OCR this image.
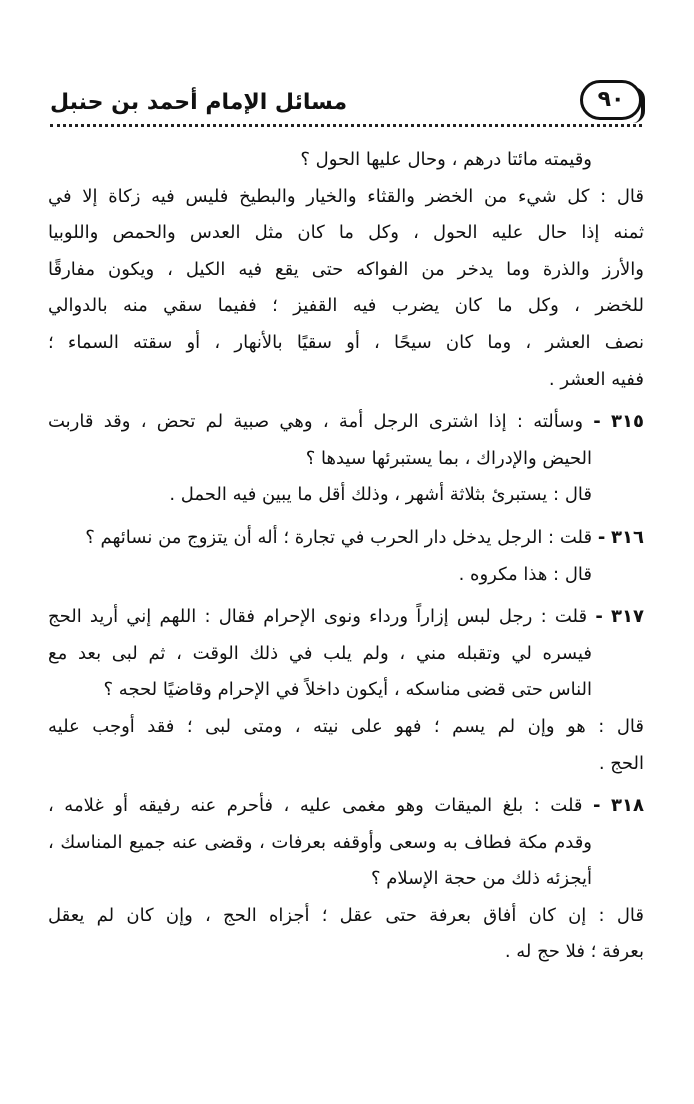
٩٠
مسائل الإمام أحمد بن حنبل
وقيمته مائتا درهم ، وحال عليها الحول ؟
قال : كل شيء من الخضر والقثاء والخيار والبطيخ فليس فيه زكاة إلا في
ثمنه إذا حال عليه الحول ، وكل ما كان مثل العدس والحمص واللوبيا
والأرز والذرة وما يدخر من الفواكه حتى يقع فيه الكيل ، ويكون مفارقًا
للخضر ، وكل ما كان يضرب فيه القفيز ؛ ففيما سقي منه بالدوالي
نصف العشر ، وما كان سيحًا ، أو سقيًا بالأنهار ، أو سقته السماء ؛
ففيه العشر .
٣١٥ - وسألته : إذا اشترى الرجل أمة ، وهي صبية لم تحض ، وقد قاربت
الحيض والإدراك ، بما يستبرئها سيدها ؟
قال : يستبرئ بثلاثة أشهر ، وذلك أقل ما يبين فيه الحمل .
٣١٦ - قلت : الرجل يدخل دار الحرب في تجارة ؛ أله أن يتزوج من نسائهم ؟
قال : هذا مكروه .
٣١٧ - قلت : رجل لبس إزاراً ورداء ونوى الإحرام فقال : اللهم إني أريد الحج
فيسره لي وتقبله مني ، ولم يلب في ذلك الوقت ، ثم لبى بعد مع
الناس حتى قضى مناسكه ، أيكون داخلاً في الإحرام وقاضيًا لحجه ؟
قال : هو وإن لم يسم ؛ فهو على نيته ، ومتى لبى ؛ فقد أوجب عليه
الحج .
٣١٨ - قلت : بلغ الميقات وهو مغمى عليه ، فأحرم عنه رفيقه أو غلامه ،
وقدم مكة فطاف به وسعى وأوقفه بعرفات ، وقضى عنه جميع المناسك ،
أيجزئه ذلك من حجة الإسلام ؟
قال : إن كان أفاق بعرفة حتى عقل ؛ أجزاه الحج ، وإن كان لم يعقل
بعرفة ؛ فلا حج له .
